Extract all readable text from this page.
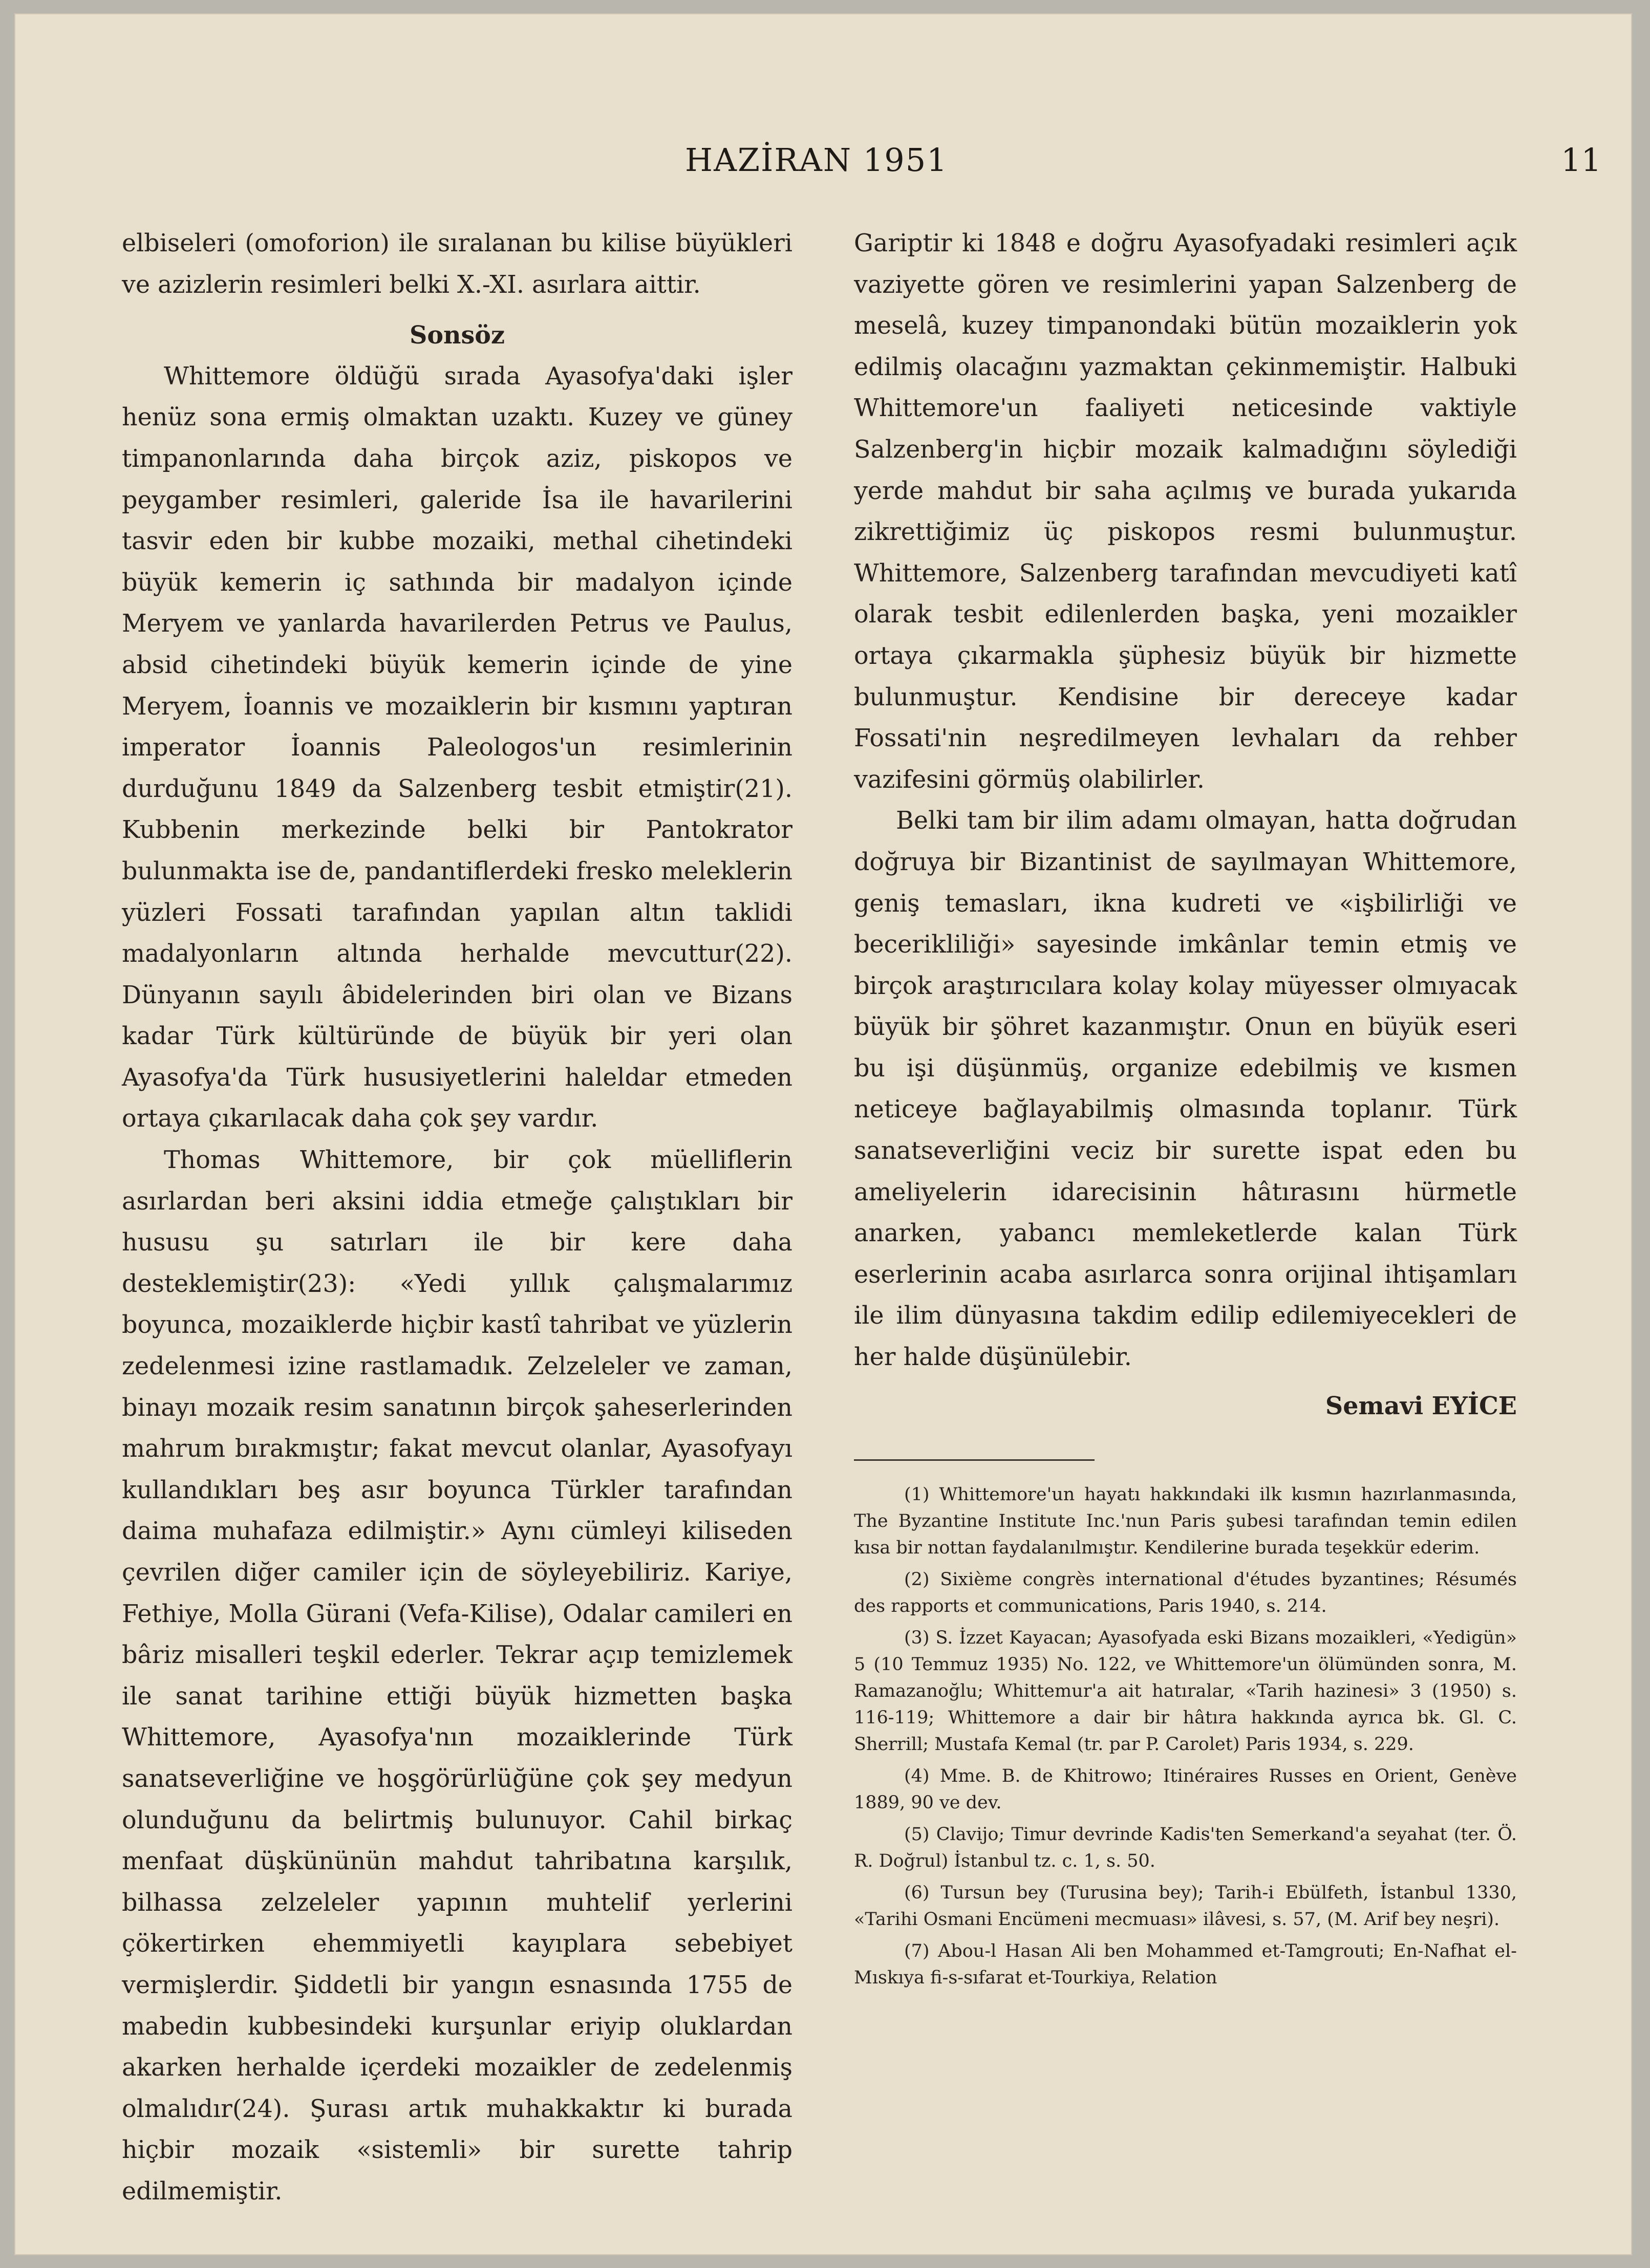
HAZİRAN 1951	11

elbiseleri (omoforion) ile sıralanan bu kilise büyükleri ve azizlerin resimleri belki X.-XI. asırlara aittir.

Sonsöz

Whittemore öldüğü sırada Ayasofya'daki işler henüz sona ermiş olmaktan uzaktı. Kuzey ve güney timpanonlarında daha birçok aziz, piskopos ve peygamber resimleri, galeride İsa ile havarilerini tasvir eden bir kubbe mozaiki, methal cihetindeki büyük kemerin iç sathında bir madalyon içinde Meryem ve yanlarda havarilerden Petrus ve Paulus, absid cihetindeki büyük kemerin içinde de yine Meryem, İoannis ve mozaiklerin bir kısmını yaptıran imperator İoannis Paleologos'un resimlerinin durduğunu 1849 da Salzenberg tesbit etmiştir(21). Kubbenin merkezinde belki bir Pantokrator bulunmakta ise de, pandantiflerdeki fresko meleklerin yüzleri Fossati tarafından yapılan altın taklidi madalyonların altında herhalde mevcuttur(22). Dünyanın sayılı âbidelerinden biri olan ve Bizans kadar Türk kültüründe de büyük bir yeri olan Ayasofya'da Türk hususiyetlerini haleldar etmeden ortaya çıkarılacak daha çok şey vardır.

Thomas Whittemore, bir çok müelliflerin asırlardan beri aksini iddia etmeğe çalıştıkları bir hususu şu satırları ile bir kere daha desteklemiştir(23): «Yedi yıllık çalışmalarımız boyunca, mozaiklerde hiçbir kastî tahribat ve yüzlerin zedelenmesi izine rastlamadık. Zelzeleler ve zaman, binayı mozaik resim sanatının birçok şaheserlerinden mahrum bırakmıştır; fakat mevcut olanlar, Ayasofyayı kullandıkları beş asır boyunca Türkler tarafından daima muhafaza edilmiştir.» Aynı cümleyi kiliseden çevrilen diğer camiler için de söyleyebiliriz. Kariye, Fethiye, Molla Gürani (Vefa-Kilise), Odalar camileri en bâriz misalleri teşkil ederler. Tekrar açıp temizlemek ile sanat tarihine ettiği büyük hizmetten başka Whittemore, Ayasofya'nın mozaiklerinde Türk sanatseverliğine ve hoşgörürlüğüne çok şey medyun olunduğunu da belirtmiş bulunuyor. Cahil birkaç menfaat düşkününün mahdut tahribatına karşılık, bilhassa zelzeleler yapının muhtelif yerlerini çökertirken ehemmiyetli kayıplara sebebiyet vermişlerdir. Şiddetli bir yangın esnasında 1755 de mabedin kubbesindeki kurşunlar eriyip oluklardan akarken herhalde içerdeki mozaikler de zedelenmiş olmalıdır(24). Şurası artık muhakkaktır ki burada hiçbir mozaik «sistemli» bir surette tahrip edilmemiştir.

Gariptir ki 1848 e doğru Ayasofyadaki resimleri açık vaziyette gören ve resimlerini yapan Salzenberg de meselâ, kuzey timpanondaki bütün mozaiklerin yok edilmiş olacağını yazmaktan çekinmemiştir. Halbuki Whittemore'un faaliyeti neticesinde vaktiyle Salzenberg'in hiçbir mozaik kalmadığını söylediği yerde mahdut bir saha açılmış ve burada yukarıda zikrettiğimiz üç piskopos resmi bulunmuştur. Whittemore, Salzenberg tarafından mevcudiyeti katî olarak tesbit edilenlerden başka, yeni mozaikler ortaya çıkarmakla şüphesiz büyük bir hizmette bulunmuştur. Kendisine bir dereceye kadar Fossati'nin neşredilmeyen levhaları da rehber vazifesini görmüş olabilirler.

Belki tam bir ilim adamı olmayan, hatta doğrudan doğruya bir Bizantinist de sayılmayan Whittemore, geniş temasları, ikna kudreti ve «işbilirliği ve becerikliliği» sayesinde imkânlar temin etmiş ve birçok araştırıcılara kolay kolay müyesser olmıyacak büyük bir şöhret kazanmıştır. Onun en büyük eseri bu işi düşünmüş, organize edebilmiş ve kısmen neticeye bağlayabilmiş olmasında toplanır. Türk sanatseverliğini veciz bir surette ispat eden bu ameliyelerin idarecisinin hâtırasını hürmetle anarken, yabancı memleketlerde kalan Türk eserlerinin acaba asırlarca sonra orijinal ihtişamları ile ilim dünyasına takdim edilip edilemiyecekleri de her halde düşünülebir.

Semavi EYİCE

(1) Whittemore'un hayatı hakkındaki ilk kısmın hazırlanmasında, The Byzantine Institute Inc.'nun Paris şubesi tarafından temin edilen kısa bir nottan faydalanılmıştır. Kendilerine burada teşekkür ederim.

(2) Sixième congrès international d'études byzantines; Résumés des rapports et communications, Paris 1940, s. 214.

(3) S. İzzet Kayacan; Ayasofyada eski Bizans mozaikleri, «Yedigün» 5 (10 Temmuz 1935) No. 122, ve Whittemore'un ölümünden sonra, M. Ramazanoğlu; Whittemur'a ait hatıralar, «Tarih hazinesi» 3 (1950) s. 116-119; Whittemore a dair bir hâtıra hakkında ayrıca bk. Gl. C. Sherrill; Mustafa Kemal (tr. par P. Carolet) Paris 1934, s. 229.

(4) Mme. B. de Khitrowo; Itinéraires Russes en Orient, Genève 1889, 90 ve dev.

(5) Clavijo; Timur devrinde Kadis'ten Semerkand'a seyahat (ter. Ö. R. Doğrul) İstanbul tz. c. 1, s. 50.

(6) Tursun bey (Turusina bey); Tarih-i Ebülfeth, İstanbul 1330, «Tarihi Osmani Encümeni mecmuası» ilâvesi, s. 57, (M. Arif bey neşri).

(7) Abou-l Hasan Ali ben Mohammed et-Tamgrouti; En-Nafhat el-Mıskıya fi-s-sıfarat et-Tourkiya, Relation
